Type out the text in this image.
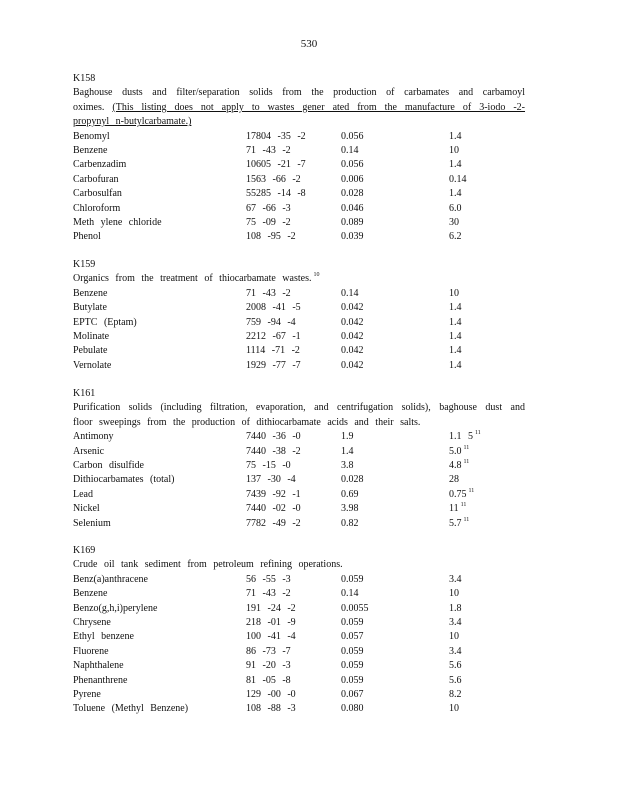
530
K158
Baghouse dusts and filter/separation solids from the production of carbamates and carbamoyl oximes. (This listing does not apply to wastes gener ated from the manufacture of 3-iodo -2-propynyl n-butylcarbamate.)
Benomyl	17804 -35 -2	0.056	1.4
Benzene	71 -43 -2	0.14	10
Carbenzadim	10605 -21 -7	0.056	1.4
Carbofuran	1563 -66 -2	0.006	0.14
Carbosulfan	55285 -14 -8	0.028	1.4
Chloroform	67 -66 -3	0.046	6.0
Meth ylene chloride	75 -09 -2	0.089	30
Phenol	108 -95 -2	0.039	6.2
K159
Organics from the treatment of thiocarbamate wastes. $^{10}$
Benzene	71 -43 -2	0.14	10
Butylate	2008 -41 -5	0.042	1.4
EPTC (Eptam)	759 -94 -4	0.042	1.4
Molinate	2212 -67 -1	0.042	1.4
Pebulate	1114 -71 -2	0.042	1.4
Vernolate	1929 -77 -7	0.042	1.4
K161
Purification solids (including filtration, evaporation, and centrifugation solids), baghouse dust and floor sweepings from the production of dithiocarbamate acids and their salts.
Antimony	7440 -36 -0	1.9	1.1 5 $^{11}$
Arsenic	7440 -38 -2	1.4	5.0 $^{11}$
Carbon disulfide	75 -15 -0	3.8	4.8 $^{11}$
Dithiocarbamates (total)	137 -30 -4	0.028	28
Lead	7439 -92 -1	0.69	0.75 $^{11}$
Nickel	7440 -02 -0	3.98	11 $^{11}$
Selenium	7782 -49 -2	0.82	5.7 $^{11}$
K169
Crude oil tank sediment from petroleum refining operations.
Benz(a)anthracene	56 -55 -3	0.059	3.4
Benzene	71 -43 -2	0.14	10
Benzo(g,h,i)perylene	191 -24 -2	0.0055	1.8
Chrysene	218 -01 -9	0.059	3.4
Ethyl benzene	100 -41 -4	0.057	10
Fluorene	86 -73 -7	0.059	3.4
Naphthalene	91 -20 -3	0.059	5.6
Phenanthrene	81 -05 -8	0.059	5.6
Pyrene	129 -00 -0	0.067	8.2
Toluene (Methyl Benzene)	108 -88 -3	0.080	10
